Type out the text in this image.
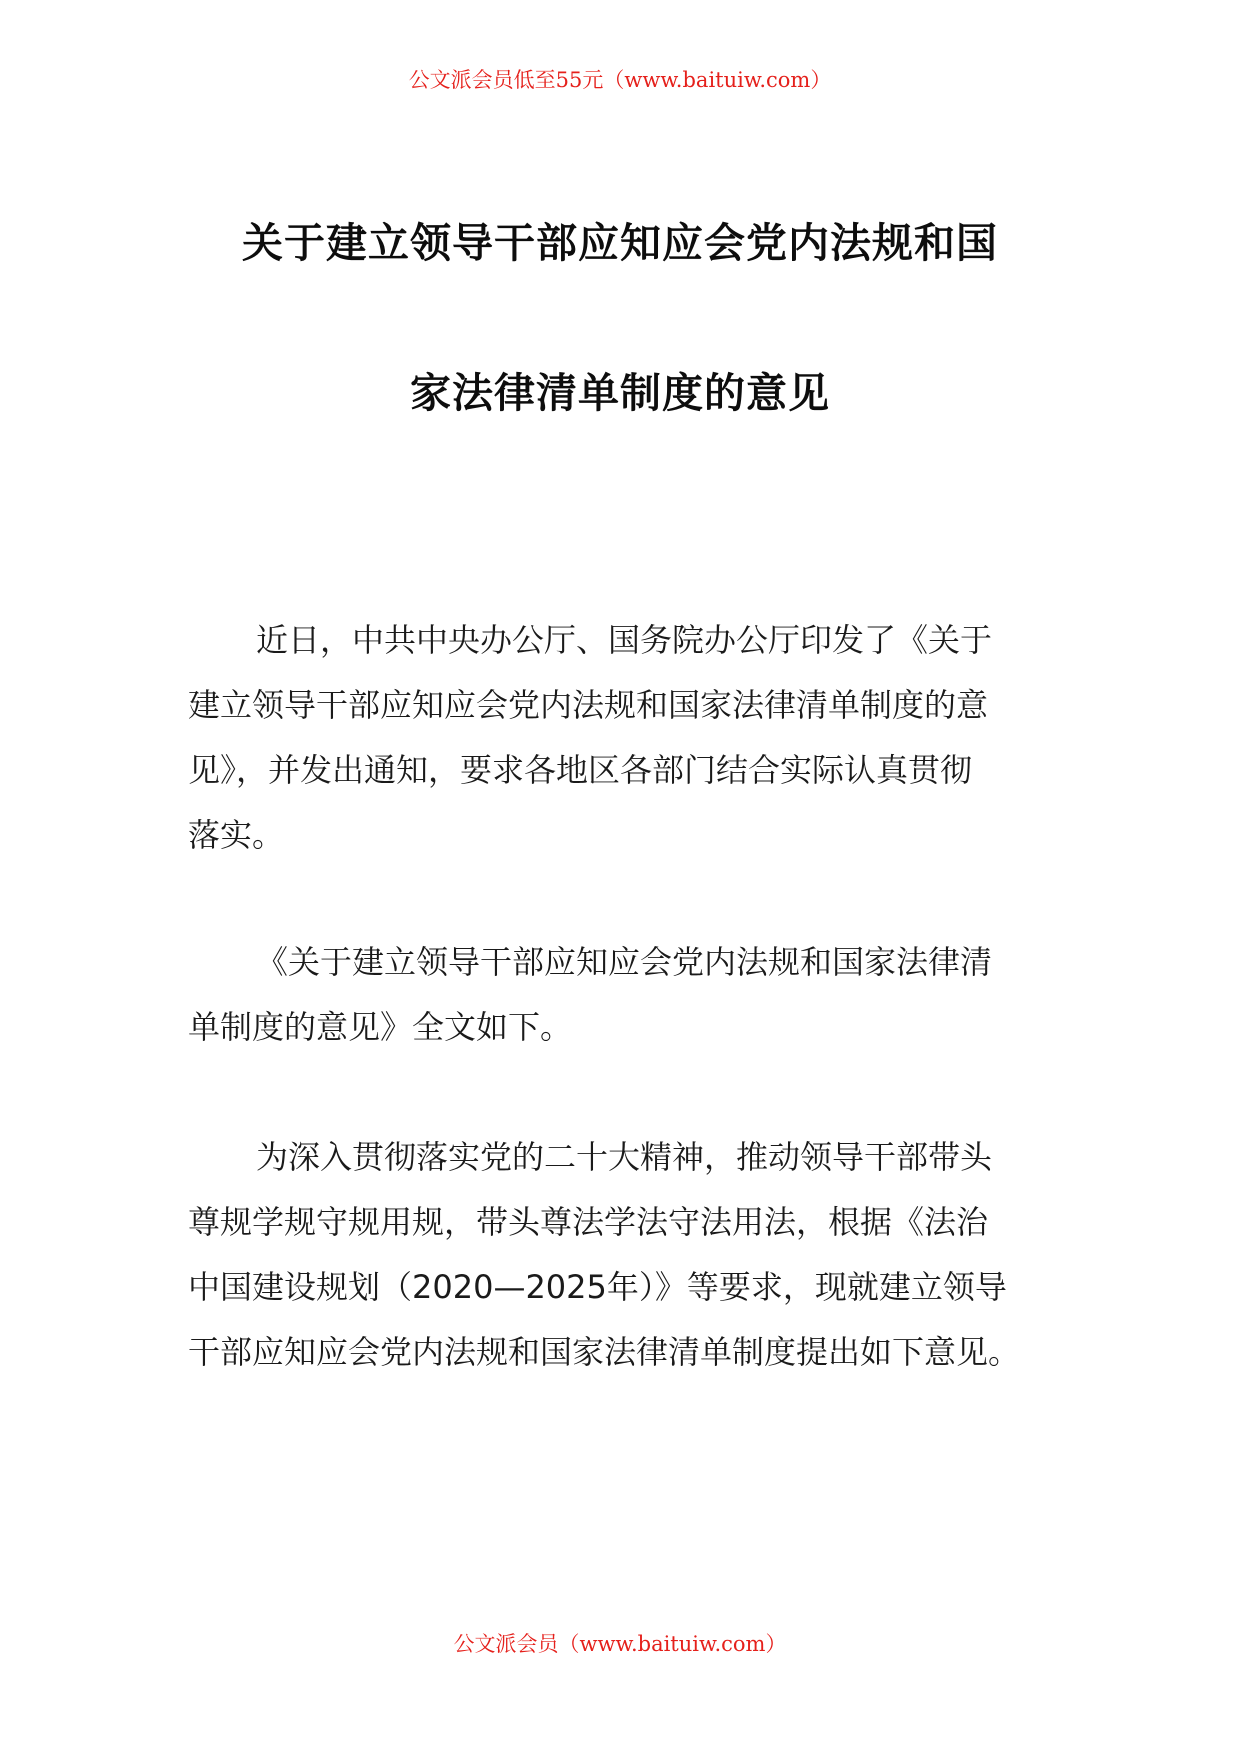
公文派会员低至55元（www.baituiw.com）
关于建立领导干部应知应会党内法规和国
家法律清单制度的意见

近日，中共中央办公厅、国务院办公厅印发了《关于

建立领导干部应知应会党内法规和国家法律清单制度的意

见》，并发出通知，要求各地区各部门结合实际认真贯彻

落实。

《关于建立领导干部应知应会党内法规和国家法律清

单制度的意见》全文如下。

为深入贯彻落实党的二十大精神，推动领导干部带头

尊规学规守规用规，带头尊法学法守法用法，根据《法治

中国建设规划（2020—2025年）》等要求，现就建立领导

干部应知应会党内法规和国家法律清单制度提出如下意见。

公文派会员（www.baituiw.com）
